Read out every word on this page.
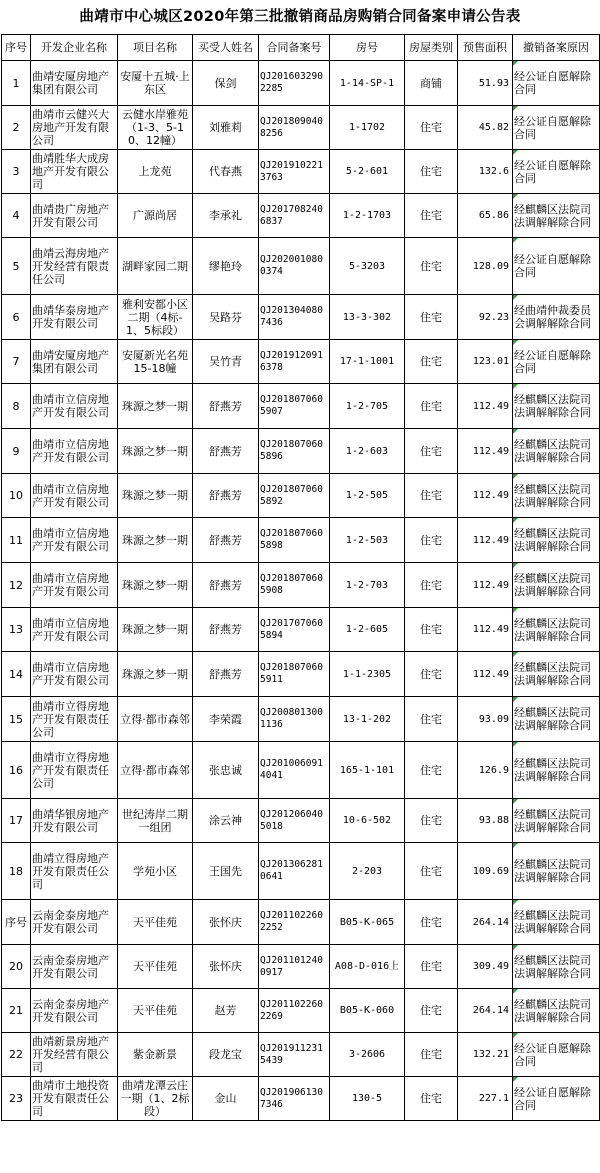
曲靖市中心城区2020年第三批撤销商品房购销合同备案申请公告表
序号	开发企业名称	项目名称	买受人姓名	合同备案号	房号	房屋类别	预售面积	撤销备案原因
1	曲靖安厦房地产集团有限公司	安厦十五城·上东区	保剑	QJ201603290
2285	1-14-SP-1	商铺	51.93	经公证自愿解除合同
2	曲靖市云健兴大房地产开发有限公司	云健水岸雅苑（1-3、5-10、12幢）	刘雅莉	QJ201809040
8256	1-1702	住宅	45.82	经公证自愿解除合同
3	曲靖胜华大成房地产开发有限公司	上龙苑	代春燕	QJ201910221
3763	5-2-601	住宅	132.6	经公证自愿解除合同
4	曲靖贵广房地产开发有限公司	广源尚居	李承礼	QJ201708240
6837	1-2-1703	住宅	65.86	经麒麟区法院司法调解解除合同
5	曲靖云海房地产开发经营有限责任公司	湖畔家园二期	缪艳玲	QJ202001080
0374	5-3203	住宅	128.09	经公证自愿解除合同
6	曲靖华泰房地产开发有限公司	雅利安都小区二期（4标-1、5标段）	吴路芬	QJ201304080
7436	13-3-302	住宅	92.23	经曲靖仲裁委员会调解解除合同
7	曲靖安厦房地产集团有限公司	安厦新光名苑15-18幢	吴竹青	QJ201912091
6378	17-1-1001	住宅	123.01	经公证自愿解除合同
8	曲靖市立信房地产开发有限公司	珠源之梦一期	舒燕芳	QJ201807060
5907	1-2-705	住宅	112.49	经麒麟区法院司法调解解除合同
9	曲靖市立信房地产开发有限公司	珠源之梦一期	舒燕芳	QJ201807060
5896	1-2-603	住宅	112.49	经麒麟区法院司法调解解除合同
10	曲靖市立信房地产开发有限公司	珠源之梦一期	舒燕芳	QJ201807060
5892	1-2-505	住宅	112.49	经麒麟区法院司法调解解除合同
11	曲靖市立信房地产开发有限公司	珠源之梦一期	舒燕芳	QJ201807060
5898	1-2-503	住宅	112.49	经麒麟区法院司法调解解除合同
12	曲靖市立信房地产开发有限公司	珠源之梦一期	舒燕芳	QJ201807060
5908	1-2-703	住宅	112.49	经麒麟区法院司法调解解除合同
13	曲靖市立信房地产开发有限公司	珠源之梦一期	舒燕芳	QJ201707060
5894	1-2-605	住宅	112.49	经麒麟区法院司法调解解除合同
14	曲靖市立信房地产开发有限公司	珠源之梦一期	舒燕芳	QJ201807060
5911	1-1-2305	住宅	112.49	经麒麟区法院司法调解解除合同
15	曲靖市立得房地产开发有限责任公司	立得·都市森邻	李荣霞	QJ200801300
1136	13-1-202	住宅	93.09	经麒麟区法院司法调解解除合同
16	曲靖市立得房地产开发有限责任公司	立得·都市森邻	张忠诚	QJ201006091
4041	165-1-101	住宅	126.9	经麒麟区法院司法调解解除合同
17	曲靖华银房地产开发有限公司	世纪涛岸二期一组团	涂云神	QJ201206040
5018	10-6-502	住宅	93.88	经麒麟区法院司法调解解除合同
18	曲靖立得房地产开发有限责任公司	学苑小区	王国先	QJ201306281
0641	2-203	住宅	109.69	经麒麟区法院司法调解解除合同
序号	云南金泰房地产开发有限公司	天平佳苑	张怀庆	QJ201102260
2252	B05-K-065	住宅	264.14	经麒麟区法院司法调解解除合同
20	云南金泰房地产开发有限公司	天平佳苑	张怀庆	QJ201101240
0917	A08-D-016上	住宅	309.49	经麒麟区法院司法调解解除合同
21	云南金泰房地产开发有限公司	天平佳苑	赵芳	QJ201102260
2269	B05-K-060	住宅	264.14	经麒麟区法院司法调解解除合同
22	曲靖新景房地产开发经营有限公司	紫金新景	段龙宝	QJ201911231
5439	3-2606	住宅	132.21	经公证自愿解除合同
23	曲靖市土地投资开发有限责任公司	曲靖龙潭云庄一期（1、2标段）	金山	QJ201906130
7346	130-5	住宅	227.1	经公证自愿解除合同
